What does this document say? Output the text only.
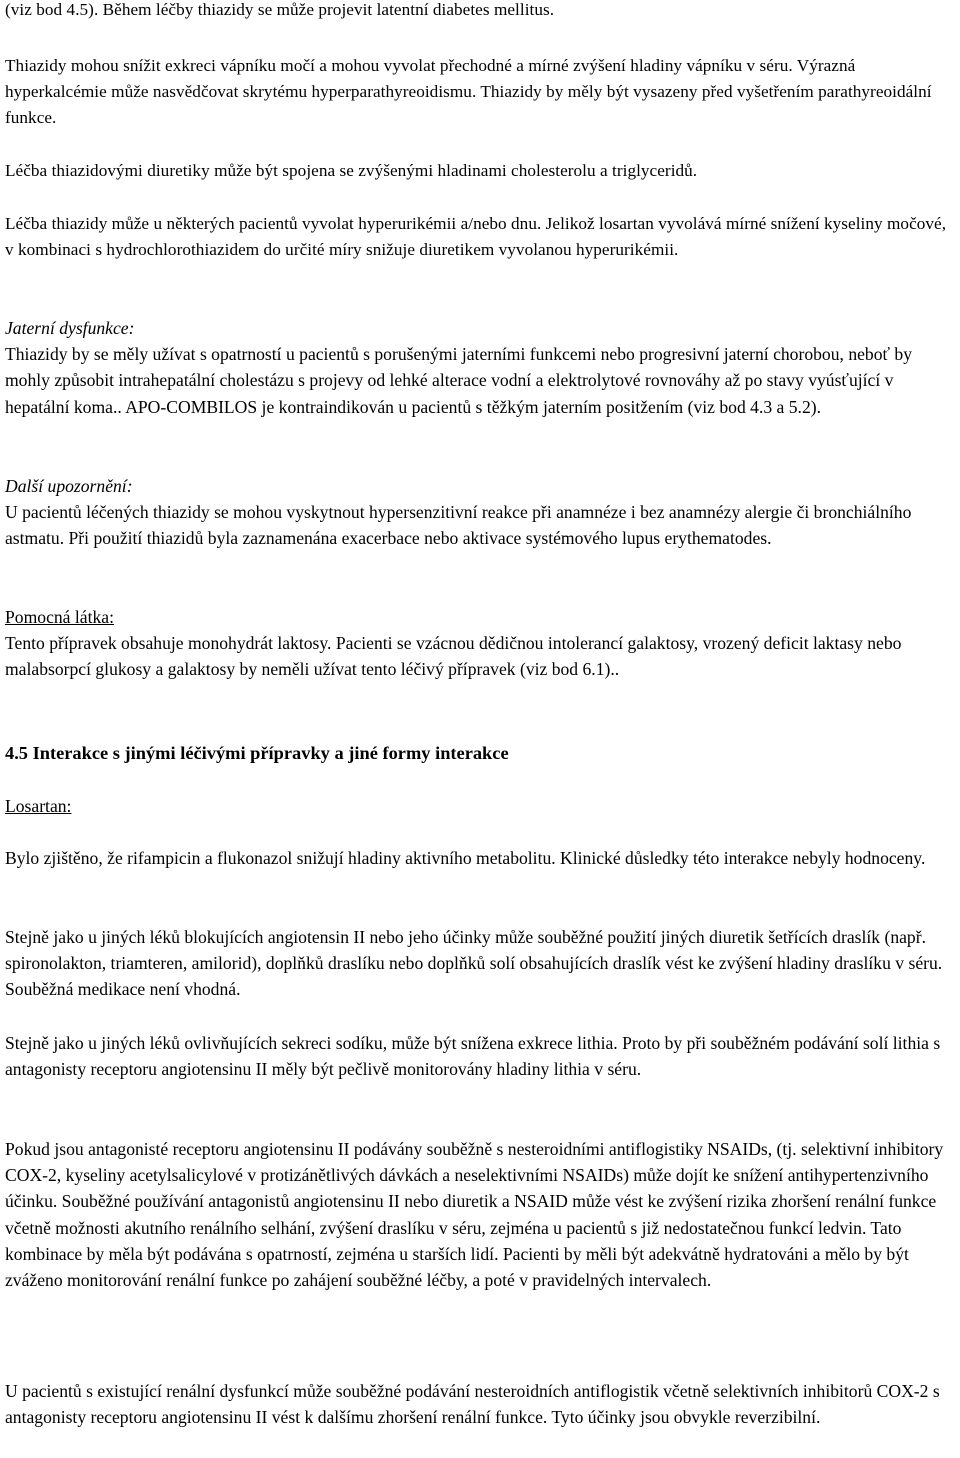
(viz bod 4.5). Během léčby thiazidy se může projevit latentní diabetes mellitus.

Thiazidy mohou snížit exkreci vápníku močí a mohou vyvolat přechodné a mírné zvýšení hladiny vápníku v séru. Výrazná hyperkalcémie může nasvědčovat skrytému hyperparathyreoidismu. Thiazidy by měly být vysazeny před vyšetřením parathyreoidální funkce.

Léčba thiazidovými diuretiky může být spojena se zvýšenými hladinami cholesterolu a triglyceridů.

Léčba thiazidy může u některých pacientů vyvolat hyperurikémii a/nebo dnu. Jelikož losartan vyvolává mírné snížení kyseliny močové, v kombinaci s hydrochlorothiazidem do určité míry snižuje diuretikem vyvolanou hyperurikémii.

Jaterní dysfunkce:
Thiazidy by se měly užívat s opatrností u pacientů s porušenými jaterními funkcemi nebo progresivní jaterní chorobou, neboť by mohly způsobit intrahepatální cholestázu s projevy od lehké alterace vodní a elektrolytové rovnováhy až po stavy vyúsťující v hepatální koma.. APO-COMBILOS je kontraindikován u pacientů s těžkým jaterním positžením (viz bod 4.3 a 5.2).

Další upozornění:
U pacientů léčených thiazidy se mohou vyskytnout hypersenzitivní reakce při anamnéze i bez anamnézy alergie či bronchiálního astmatu. Při použití thiazidů byla zaznamenána exacerbace nebo aktivace systémového lupus erythematodes.

Pomocná látka:
Tento přípravek obsahuje monohydrát laktosy. Pacienti se vzácnou dědičnou intolerancí galaktosy, vrozený deficit laktasy nebo malabsorpcí glukosy a galaktosy by neměli užívat tento léčivý přípravek (viz bod 6.1)..

4.5 Interakce s jinými léčivými přípravky a jiné formy interakce

Losartan:

Bylo zjištěno, že rifampicin a flukonazol snižují hladiny aktivního metabolitu. Klinické důsledky této interakce nebyly hodnoceny.

Stejně jako u jiných léků blokujících angiotensin II nebo jeho účinky může souběžné použití jiných diuretik šetřících draslík (např. spironolakton, triamteren, amilorid), doplňků draslíku nebo doplňků solí obsahujících draslík vést ke zvýšení hladiny draslíku v séru. Souběžná medikace není vhodná.

Stejně jako u jiných léků ovlivňujících sekreci sodíku, může být snížena exkrece lithia. Proto by při souběžném podávání solí lithia s antagonisty receptoru angiotensinu II měly být pečlivě monitorovány hladiny lithia v séru.

Pokud jsou antagonisté receptoru angiotensinu II podávány souběžně s nesteroidními antiflogistiky NSAIDs, (tj. selektivní inhibitory COX-2, kyseliny acetylsalicylové v protizánětlivých dávkách a neselektivními NSAIDs) může dojít ke snížení antihypertenzivního účinku. Souběžné používání antagonistů angiotensinu II nebo diuretik a NSAID může vést ke zvýšení rizika zhoršení renální funkce včetně možnosti akutního renálního selhání, zvýšení draslíku v séru, zejména u pacientů s již nedostatečnou funkcí ledvin. Tato kombinace by měla být podávána s opatrností, zejména u starších lidí. Pacienti by měli být adekvátně hydratováni a mělo by být zváženo monitorování renální funkce po zahájení souběžné léčby, a poté v pravidelných intervalech.

U pacientů s existující renální dysfunkcí může souběžné podávání nesteroidních antiflogistik včetně selektivních inhibitorů COX-2 s antagonisty receptoru angiotensinu II vést k dalšímu zhoršení renální funkce. Tyto účinky jsou obvykle reverzibilní.
